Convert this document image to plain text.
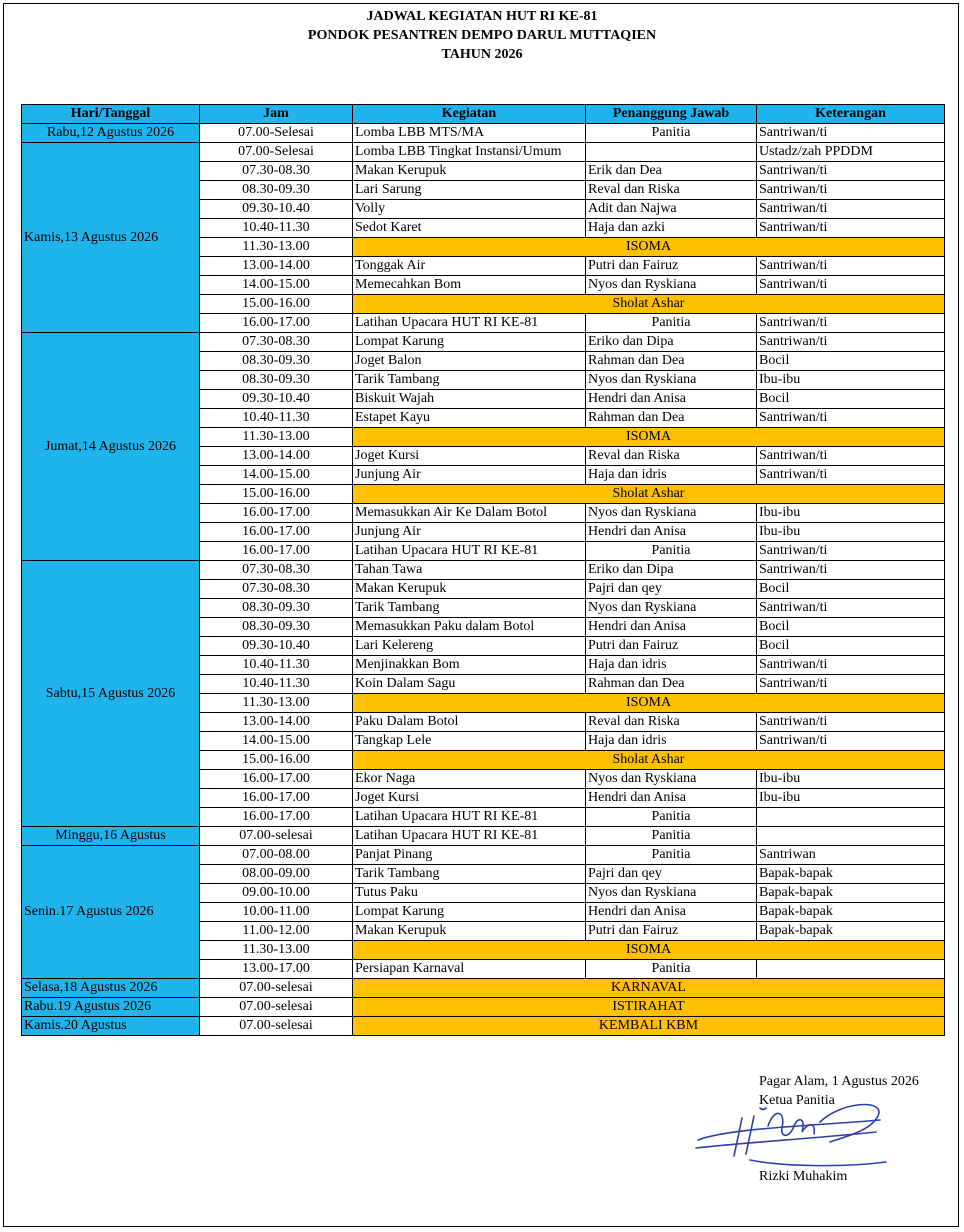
JADWAL KEGIATAN HUT RI KE-81
PONDOK PESANTREN DEMPO DARUL MUTTAQIEN
TAHUN 2026
Hari/Tanggal	Jam	Kegiatan	Penanggung Jawab	Keterangan
Rabu,12 Agustus 2026	07.00-Selesai	Lomba LBB MTS/MA	Panitia	Santriwan/ti
Kamis,13 Agustus 2026	07.00-Selesai	Lomba LBB Tingkat Instansi/Umum		Ustadz/zah PPDDM
	07.30-08.30	Makan Kerupuk	Erik dan Dea	Santriwan/ti
	08.30-09.30	Lari Sarung	Reval dan Riska	Santriwan/ti
	09.30-10.40	Volly	Adit dan Najwa	Santriwan/ti
	10.40-11.30	Sedot Karet	Haja dan azki	Santriwan/ti
	11.30-13.00	ISOMA		
	13.00-14.00	Tonggak Air	Putri dan Fairuz	Santriwan/ti
	14.00-15.00	Memecahkan Bom	Nyos dan Ryskiana	Santriwan/ti
	15.00-16.00	Sholat Ashar		
	16.00-17.00	Latihan Upacara HUT RI KE-81	Panitia	Santriwan/ti
Jumat,14 Agustus 2026	07.30-08.30	Lompat Karung	Eriko dan Dipa	Santriwan/ti
	08.30-09.30	Joget Balon	Rahman dan Dea	Bocil
	08.30-09.30	Tarik Tambang	Nyos dan Ryskiana	Ibu-ibu
	09.30-10.40	Biskuit Wajah	Hendri dan Anisa	Bocil
	10.40-11.30	Estapet Kayu	Rahman dan Dea	Santriwan/ti
	11.30-13.00	ISOMA		
	13.00-14.00	Joget Kursi	Reval dan Riska	Santriwan/ti
	14.00-15.00	Junjung Air	Haja dan idris	Santriwan/ti
	15.00-16.00	Sholat Ashar		
	16.00-17.00	Memasukkan Air Ke Dalam Botol	Nyos dan Ryskiana	Ibu-ibu
	16.00-17.00	Junjung Air	Hendri dan Anisa	Ibu-ibu
	16.00-17.00	Latihan Upacara HUT RI KE-81	Panitia	Santriwan/ti
Sabtu,15 Agustus 2026	07.30-08.30	Tahan Tawa	Eriko dan Dipa	Santriwan/ti
	07.30-08.30	Makan Kerupuk	Pajri dan qey	Bocil
	08.30-09.30	Tarik Tambang	Nyos dan Ryskiana	Santriwan/ti
	08.30-09.30	Memasukkan Paku dalam Botol	Hendri dan Anisa	Bocil
	09.30-10.40	Lari Kelereng	Putri dan Fairuz	Bocil
	10.40-11.30	Menjinakkan Bom	Haja dan idris	Santriwan/ti
	10.40-11.30	Koin Dalam Sagu	Rahman dan Dea	Santriwan/ti
	11.30-13.00	ISOMA		
	13.00-14.00	Paku Dalam Botol	Reval dan Riska	Santriwan/ti
	14.00-15.00	Tangkap Lele	Haja dan idris	Santriwan/ti
	15.00-16.00	Sholat Ashar		
	16.00-17.00	Ekor Naga	Nyos dan Ryskiana	Ibu-ibu
	16.00-17.00	Joget Kursi	Hendri dan Anisa	Ibu-ibu
	16.00-17.00	Latihan Upacara HUT RI KE-81	Panitia	
Minggu,16 Agustus	07.00-selesai	Latihan Upacara HUT RI KE-81	Panitia	
Senin.17 Agustus 2026	07.00-08.00	Panjat Pinang	Panitia	Santriwan
	08.00-09.00	Tarik Tambang	Pajri dan qey	Bapak-bapak
	09.00-10.00	Tutus Paku	Nyos dan Ryskiana	Bapak-bapak
	10.00-11.00	Lompat Karung	Hendri dan Anisa	Bapak-bapak
	11.00-12.00	Makan Kerupuk	Putri dan Fairuz	Bapak-bapak
	11.30-13.00	ISOMA		
	13.00-17.00	Persiapan Karnaval	Panitia	
Selasa,18 Agustus 2026	07.00-selesai	KARNAVAL		
Rabu.19 Agustus 2026	07.00-selesai	ISTIRAHAT		
Kamis.20 Agustus	07.00-selesai	KEMBALI KBM		
Pagar Alam, 1 Agustus 2026
Ketua Panitia
Rizki Muhakim
